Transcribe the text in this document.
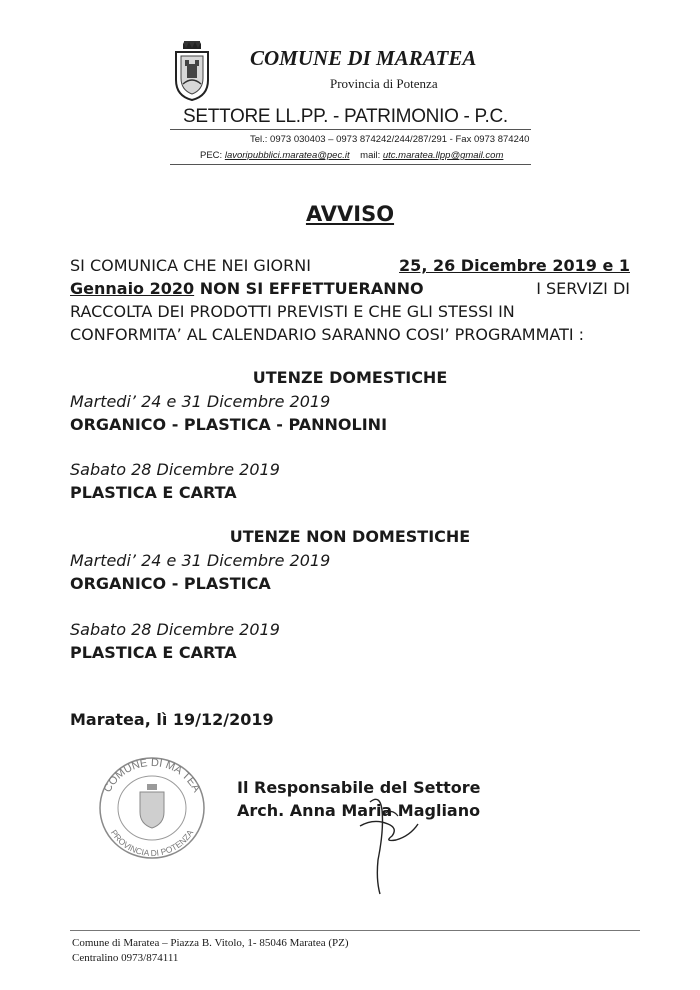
COMUNE DI MARATEA
Provincia di Potenza
SETTORE LL.PP. - PATRIMONIO - P.C.
Tel.: 0973 030403 – 0973 874242/244/287/291 - Fax 0973 874240
PEC: lavoripubblici.maratea@pec.it mail: utc.maratea.llpp@gmail.com
AVVISO
SI COMUNICA CHE NEI GIORNI	25, 26 Dicembre 2019 e 1
Gennaio 2020 NON SI EFFETTUERANNO	I SERVIZI DI
RACCOLTA DEI PRODOTTI PREVISTI E CHE GLI STESSI IN
CONFORMITA’ AL CALENDARIO SARANNO COSI’ PROGRAMMATI :
UTENZE DOMESTICHE
Martedi’ 24 e 31 Dicembre 2019
ORGANICO - PLASTICA - PANNOLINI
Sabato 28 Dicembre 2019
PLASTICA E CARTA
UTENZE NON DOMESTICHE
Martedi’ 24 e 31 Dicembre 2019
ORGANICO - PLASTICA
Sabato 28 Dicembre 2019
PLASTICA E CARTA
Maratea, lì 19/12/2019
COMUNE DI MA TEA
PROVINCIA DI POTENZA
Il Responsabile del Settore
Arch. Anna Maria Magliano
Comune di Maratea – Piazza B. Vitolo, 1- 85046 Maratea (PZ)
Centralino 0973/874111
